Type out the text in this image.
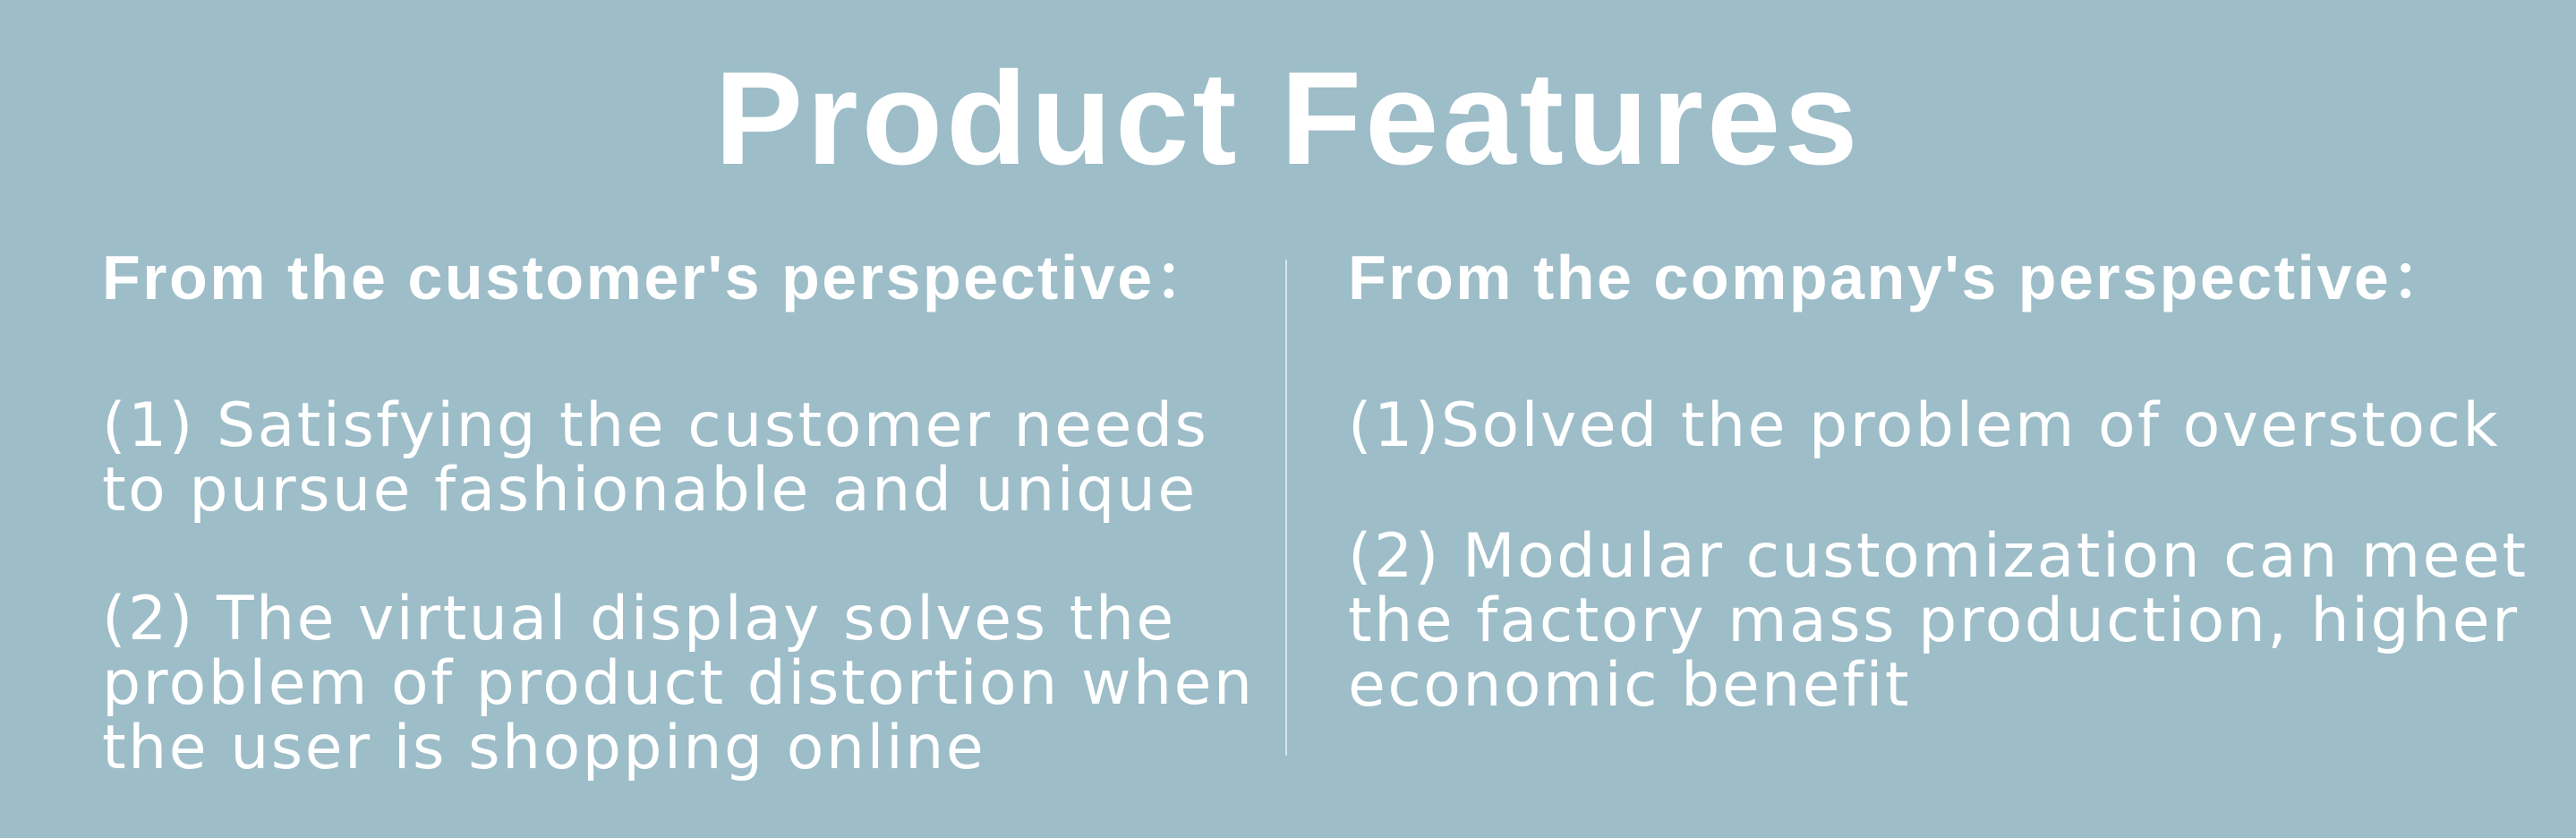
Product Features

From the customer's perspective：

(1) Satisfying the customer needs to pursue fashionable and unique

(2) The virtual display solves the problem of product distortion when the user is shopping online

From the company's perspective：

(1)Solved the problem of overstock

(2) Modular customization can meet the factory mass production, higher economic benefit
